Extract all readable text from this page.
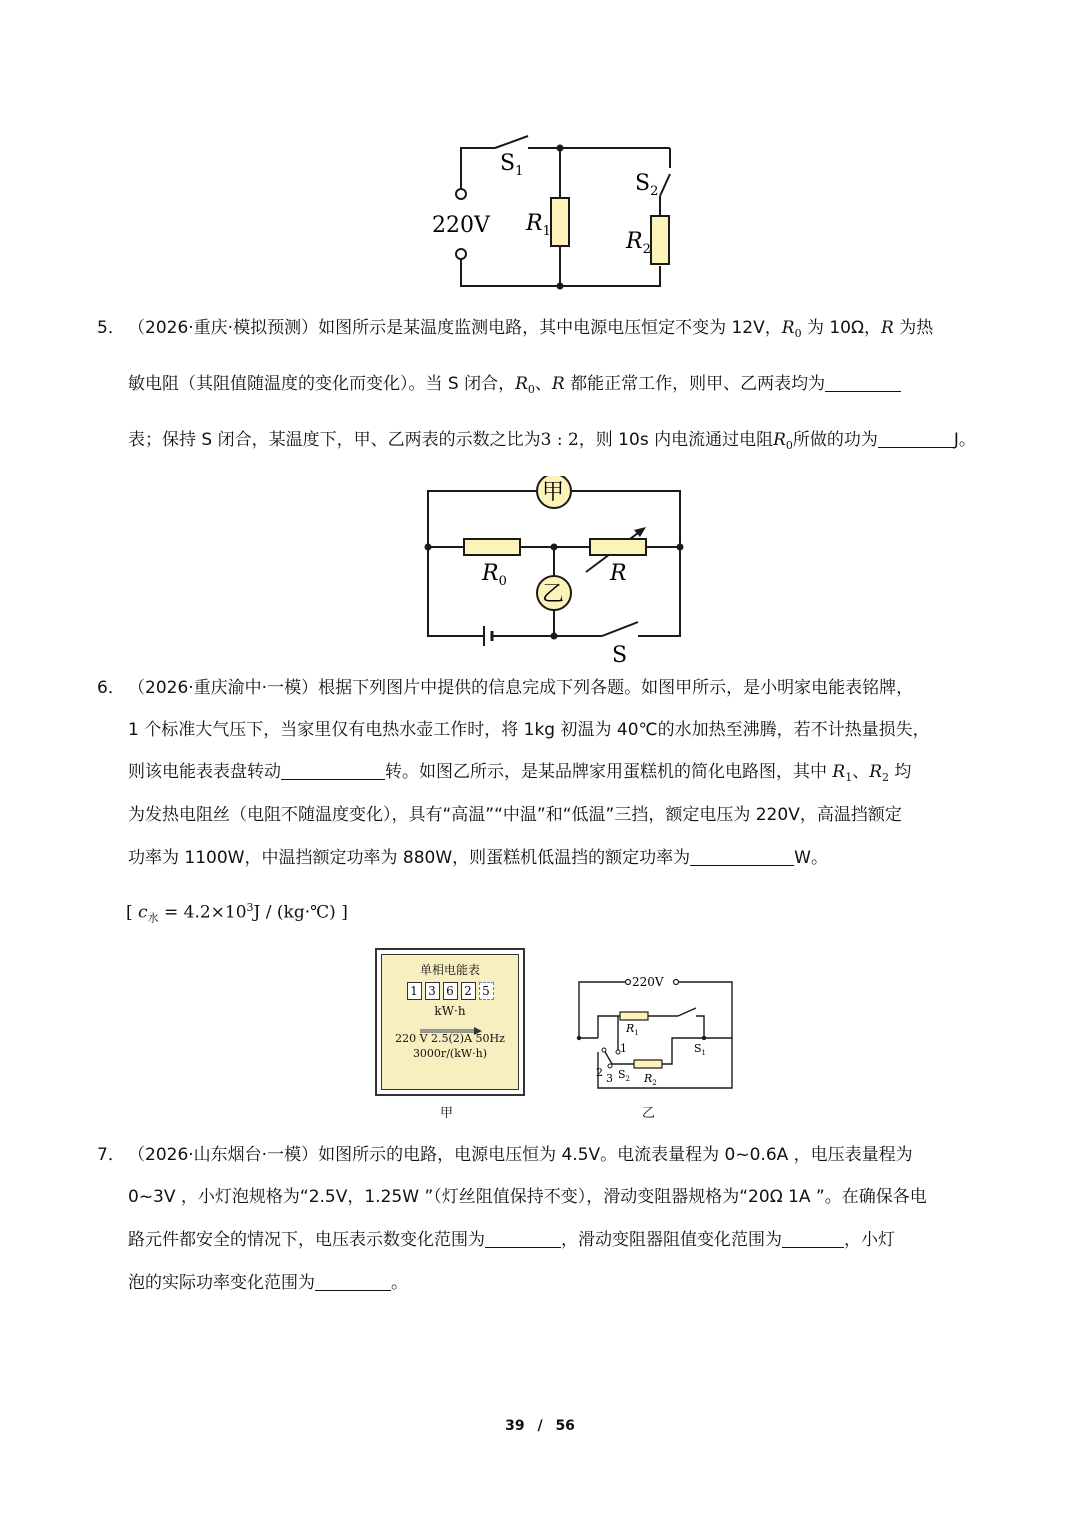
220V
$S_1$	$S_2$
$R_1$	$R_2$
5． （2026·重庆·模拟预测）如图所示是某温度监测电路，其中电源电压恒定不变为 12V，$R_0$ 为 10Ω，R 为热
敏电阻（其阻值随温度的变化而变化）。当 S 闭合，$R_0$、R 都能正常工作，则甲、乙两表均为
表；保持 S 闭合，某温度下，甲、乙两表的示数之比为3 : 2，则 10s 内电流通过电阻$R_0$所做的功为	J。
甲
乙
$R_0$	R
S
6． （2026·重庆渝中·一模）根据下列图片中提供的信息完成下列各题。如图甲所示，是小明家电能表铭牌，
1 个标准大气压下，当家里仅有电热水壶工作时，将 1kg 初温为 40℃的水加热至沸腾，若不计热量损失，
则该电能表表盘转动	转。如图乙所示，是某品牌家用蛋糕机的简化电路图，其中 $R_1$、$R_2$ 均
为发热电阻丝（电阻不随温度变化），具有“高温”“中温”和“低温”三挡，额定电压为 220V，高温挡额定
功率为 1100W，中温挡额定功率为 880W，则蛋糕机低温挡的额定功率为	W。
[ $c_水 = 4.2\times 10^3J$ / (kg·℃) ]
单相电能表
1 3 6 2 5
kW·h
220 V 2.5(2)A 50Hz
3000r/(kW·h)
甲
220V
$R_1$
$R_2$
$S_1$
$S_2$
1
2 3
乙
7． （2026·山东烟台·一模）如图所示的电路，电源电压恒为 4.5V。电流表量程为 0~0.6A ，电压表量程为
0~3V ，小灯泡规格为“2.5V，1.25W ”（灯丝阻值保持不变），滑动变阻器规格为“20Ω 1A ”。在确保各电
路元件都安全的情况下，电压表示数变化范围为	，滑动变阻器阻值变化范围为	，小灯
泡的实际功率变化范围为	。
39 / 56
